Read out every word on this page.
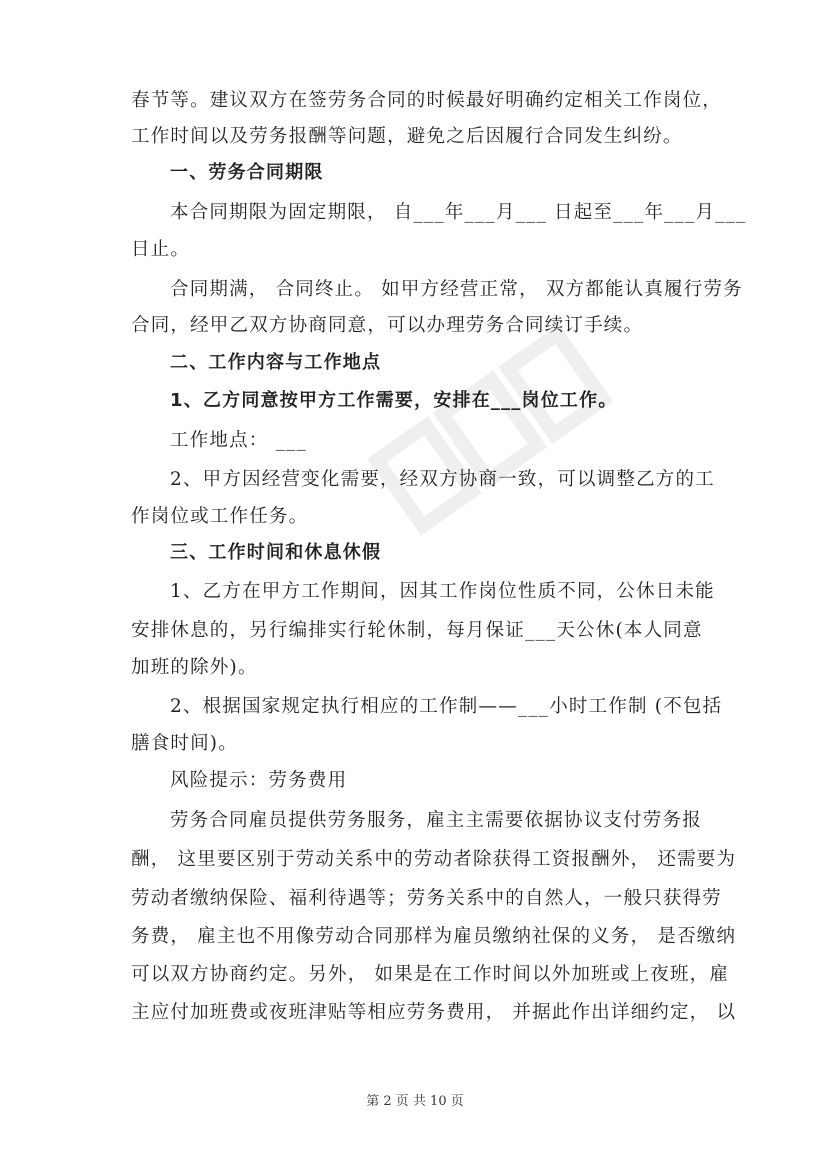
春节等。建议双方在签劳务合同的时候最好明确约定相关工作岗位，
工作时间以及劳务报酬等问题，避免之后因履行合同发生纠纷。
一、劳务合同期限
本合同期限为固定期限， 自___年___月___ 日起至___年___月___
日止。
合同期满， 合同终止。 如甲方经营正常， 双方都能认真履行劳务
合同，经甲乙双方协商同意，可以办理劳务合同续订手续。
二、工作内容与工作地点
1、乙方同意按甲方工作需要，安排在___岗位工作。
工作地点： ___
2、甲方因经营变化需要，经双方协商一致，可以调整乙方的工
作岗位或工作任务。
三、工作时间和休息休假
1、乙方在甲方工作期间，因其工作岗位性质不同，公休日未能
安排休息的，另行编排实行轮休制，每月保证___天公休(本人同意
加班的除外)。
2、根据国家规定执行相应的工作制——___小时工作制 (不包括
膳食时间)。
风险提示：劳务费用
劳务合同雇员提供劳务服务，雇主主需要依据协议支付劳务报
酬， 这里要区别于劳动关系中的劳动者除获得工资报酬外， 还需要为
劳动者缴纳保险、福利待遇等；劳务关系中的自然人，一般只获得劳
务费， 雇主也不用像劳动合同那样为雇员缴纳社保的义务， 是否缴纳
可以双方协商约定。另外， 如果是在工作时间以外加班或上夜班，雇
主应付加班费或夜班津贴等相应劳务费用， 并据此作出详细约定， 以
第 2 页 共 10 页
